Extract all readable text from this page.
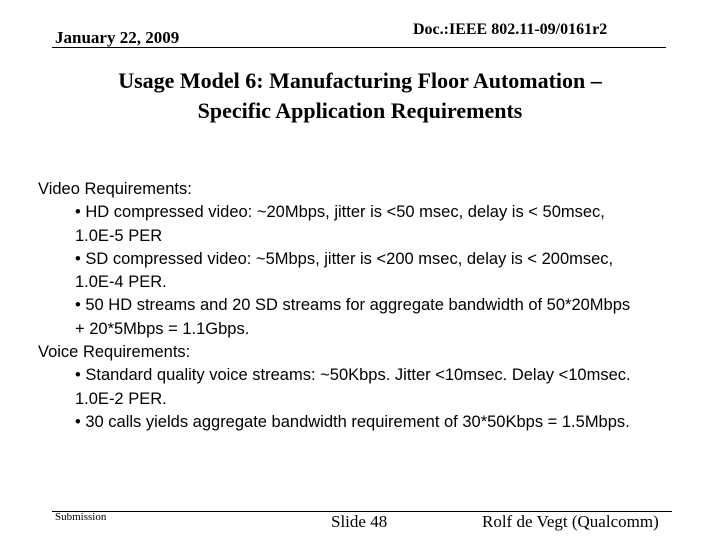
January 22, 2009	Doc.:IEEE 802.11-09/0161r2
Usage Model 6: Manufacturing Floor Automation –
Specific Application Requirements
Video Requirements:
• HD compressed video: ~20Mbps, jitter is <50 msec, delay is < 50msec,
1.0E-5 PER
• SD compressed video: ~5Mbps, jitter is <200 msec, delay is < 200msec,
1.0E-4 PER.
• 50 HD streams and 20 SD streams for aggregate bandwidth of 50*20Mbps
+ 20*5Mbps = 1.1Gbps.
Voice Requirements:
• Standard quality voice streams: ~50Kbps. Jitter <10msec. Delay <10msec.
1.0E-2 PER.
• 30 calls yields aggregate bandwidth requirement of 30*50Kbps = 1.5Mbps.
Submission	Slide 48	Rolf de Vegt (Qualcomm)
